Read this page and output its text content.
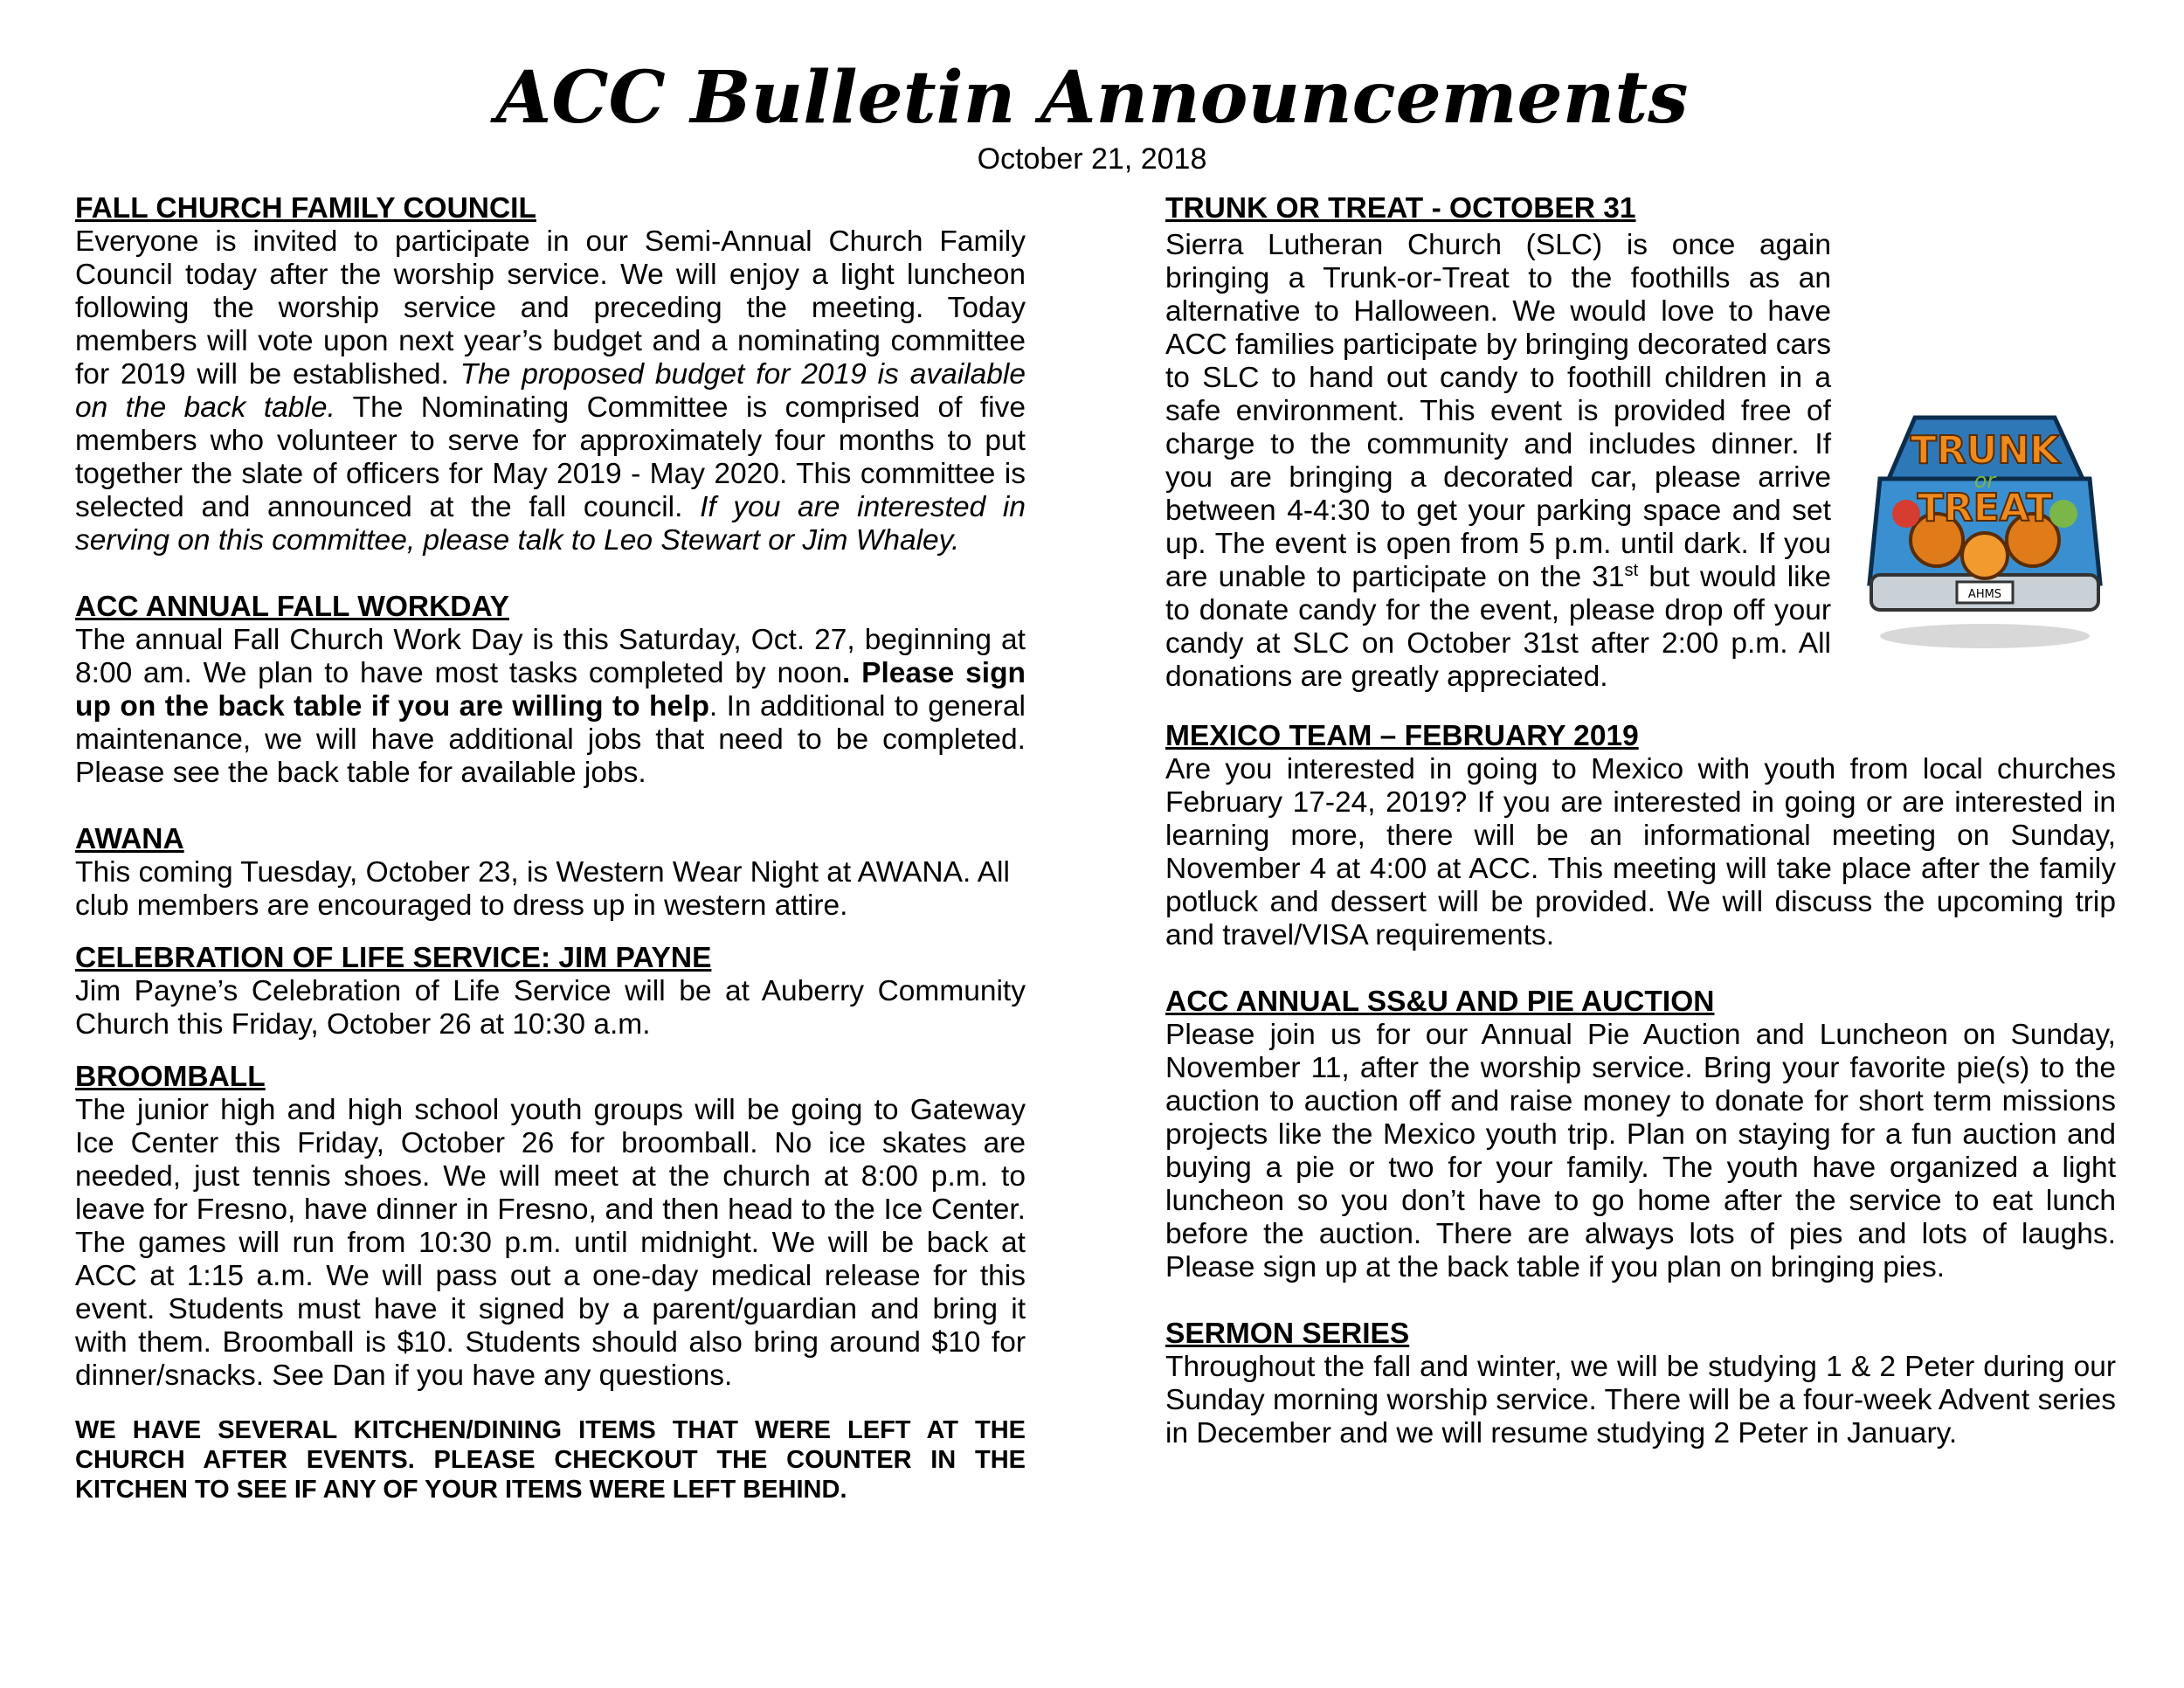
ACC Bulletin Announcements
October 21, 2018
FALL CHURCH FAMILY COUNCIL

Everyone is invited to participate in our Semi-Annual Church Family Council today after the worship service. We will enjoy a light luncheon following the worship service and preceding the meeting. Today members will vote upon next year’s budget and a nominating committee for 2019 will be established. The proposed budget for 2019 is available on the back table. The Nominating Committee is comprised of five members who volunteer to serve for approximately four months to put together the slate of officers for May 2019 - May 2020. This committee is selected and announced at the fall council. If you are interested in serving on this committee, please talk to Leo Stewart or Jim Whaley.

ACC ANNUAL FALL WORKDAY

The annual Fall Church Work Day is this Saturday, Oct. 27, beginning at 8:00 am. We plan to have most tasks completed by noon. Please sign up on the back table if you are willing to help. In additional to general maintenance, we will have additional jobs that need to be completed. Please see the back table for available jobs.

AWANA

This coming Tuesday, October 23, is Western Wear Night at AWANA. All club members are encouraged to dress up in western attire.

CELEBRATION OF LIFE SERVICE: JIM PAYNE

Jim Payne’s Celebration of Life Service will be at Auberry Community Church this Friday, October 26 at 10:30 a.m.

BROOMBALL

The junior high and high school youth groups will be going to Gateway Ice Center this Friday, October 26 for broomball. No ice skates are needed, just tennis shoes. We will meet at the church at 8:00 p.m. to leave for Fresno, have dinner in Fresno, and then head to the Ice Center. The games will run from 10:30 p.m. until midnight. We will be back at ACC at 1:15 a.m. We will pass out a one-day medical release for this event. Students must have it signed by a parent/guardian and bring it with them. Broomball is $10. Students should also bring around $10 for dinner/snacks. See Dan if you have any questions.

WE HAVE SEVERAL KITCHEN/DINING ITEMS THAT WERE LEFT AT THE CHURCH AFTER EVENTS. PLEASE CHECKOUT THE COUNTER IN THE KITCHEN TO SEE IF ANY OF YOUR ITEMS WERE LEFT BEHIND.
TRUNK OR TREAT - OCTOBER 31

TRUNK
or
TREAT
AHMS
Sierra Lutheran Church (SLC) is once again bringing a Trunk-or-Treat to the foothills as an alternative to Halloween. We would love to have ACC families participate by bringing decorated cars to SLC to hand out candy to foothill children in a safe environment. This event is provided free of charge to the community and includes dinner. If you are bringing a decorated car, please arrive between 4-4:30 to get your parking space and set up. The event is open from 5 p.m. until dark. If you are unable to participate on the 31st but would like to donate candy for the event, please drop off your candy at SLC on October 31st after 2:00 p.m. All donations are greatly appreciated.

MEXICO TEAM – FEBRUARY 2019

Are you interested in going to Mexico with youth from local churches February 17-24, 2019? If you are interested in going or are interested in learning more, there will be an informational meeting on Sunday, November 4 at 4:00 at ACC. This meeting will take place after the family potluck and dessert will be provided. We will discuss the upcoming trip and travel/VISA requirements.

ACC ANNUAL SS&U AND PIE AUCTION

Please join us for our Annual Pie Auction and Luncheon on Sunday, November 11, after the worship service. Bring your favorite pie(s) to the auction to auction off and raise money to donate for short term missions projects like the Mexico youth trip. Plan on staying for a fun auction and buying a pie or two for your family. The youth have organized a light luncheon so you don’t have to go home after the service to eat lunch before the auction. There are always lots of pies and lots of laughs. Please sign up at the back table if you plan on bringing pies.

SERMON SERIES

Throughout the fall and winter, we will be studying 1 & 2 Peter during our Sunday morning worship service. There will be a four-week Advent series in December and we will resume studying 2 Peter in January.
